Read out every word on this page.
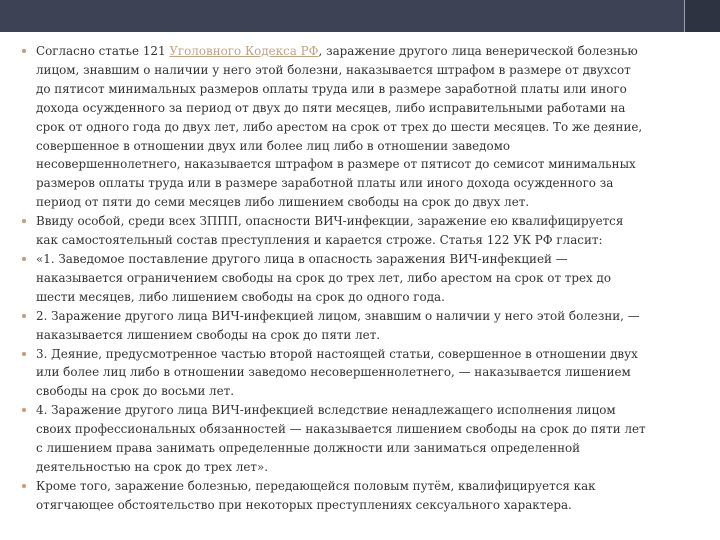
Согласно статье 121 Уголовного Кодекса РФ, заражение другого лица венерической болезнью лицом, знавшим о наличии у него этой болезни, наказывается штрафом в размере от двухсот до пятисот минимальных размеров оплаты труда или в размере заработной платы или иного дохода осужденного за период от двух до пяти месяцев, либо исправительными работами на срок от одного года до двух лет, либо арестом на срок от трех до шести месяцев. То же деяние, совершенное в отношении двух или более лиц либо в отношении заведомо несовершеннолетнего, наказывается штрафом в размере от пятисот до семисот минимальных размеров оплаты труда или в размере заработной платы или иного дохода осужденного за период от пяти до семи месяцев либо лишением свободы на срок до двух лет.
Ввиду особой, среди всех ЗППП, опасности ВИЧ-инфекции, заражение ею квалифицируется как самостоятельный состав преступления и карается строже. Статья 122 УК РФ гласит:
«1. Заведомое поставление другого лица в опасность заражения ВИЧ-инфекцией — наказывается ограничением свободы на срок до трех лет, либо арестом на срок от трех до шести месяцев, либо лишением свободы на срок до одного года.
2. Заражение другого лица ВИЧ-инфекцией лицом, знавшим о наличии у него этой болезни, — наказывается лишением свободы на срок до пяти лет.
3. Деяние, предусмотренное частью второй настоящей статьи, совершенное в отношении двух или более лиц либо в отношении заведомо несовершеннолетнего, — наказывается лишением свободы на срок до восьми лет.
4. Заражение другого лица ВИЧ-инфекцией вследствие ненадлежащего исполнения лицом своих профессиональных обязанностей — наказывается лишением свободы на срок до пяти лет с лишением права занимать определенные должности или заниматься определенной деятельностью на срок до трех лет».
Кроме того, заражение болезнью, передающейся половым путём, квалифицируется как отягчающее обстоятельство при некоторых преступлениях сексуального характера.
